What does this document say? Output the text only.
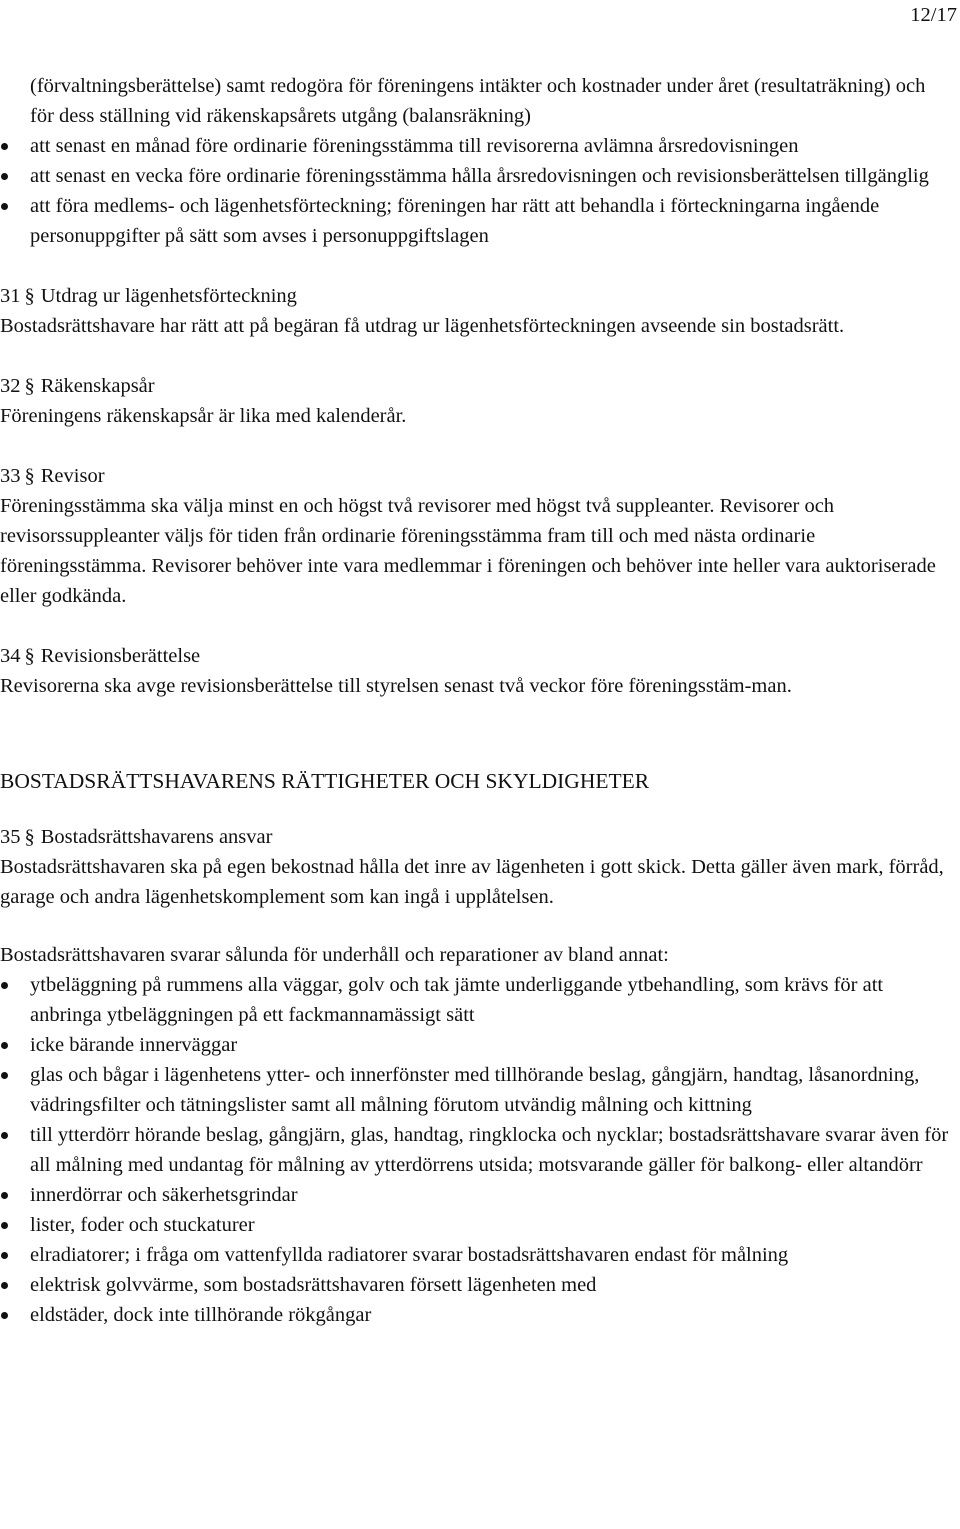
12/17

(förvaltningsberättelse) samt redogöra för föreningens intäkter och kostnader under året (resultaträkning) och för dess ställning vid räkenskapsårets utgång (balansräkning)

att senast en månad före ordinarie föreningsstämma till revisorerna avlämna årsredovisningen
att senast en vecka före ordinarie föreningsstämma hålla årsredovisningen och revisionsberättelsen tillgänglig
att föra medlems- och lägenhetsförteckning; föreningen har rätt att behandla i förteckningarna ingående personuppgifter på sätt som avses i personuppgiftslagen
31 § Utdrag ur lägenhetsförteckning

Bostadsrättshavare har rätt att på begäran få utdrag ur lägenhetsförteckningen avseende sin bostadsrätt.

32 § Räkenskapsår

Föreningens räkenskapsår är lika med kalenderår.

33 § Revisor

Föreningsstämma ska välja minst en och högst två revisorer med högst två suppleanter. Revisorer och revisorssuppleanter väljs för tiden från ordinarie föreningsstämma fram till och med nästa ordinarie föreningsstämma. Revisorer behöver inte vara medlemmar i föreningen och behöver inte heller vara auktoriserade eller godkända.

34 § Revisionsberättelse

Revisorerna ska avge revisionsberättelse till styrelsen senast två veckor före föreningsstäm-man.

BOSTADSRÄTTSHAVARENS RÄTTIGHETER OCH SKYLDIGHETER
35 § Bostadsrättshavarens ansvar

Bostadsrättshavaren ska på egen bekostnad hålla det inre av lägenheten i gott skick. Detta gäller även mark, förråd, garage och andra lägenhetskomplement som kan ingå i upplåtelsen.

Bostadsrättshavaren svarar sålunda för underhåll och reparationer av bland annat:

ytbeläggning på rummens alla väggar, golv och tak jämte underliggande ytbehandling, som krävs för att anbringa ytbeläggningen på ett fackmannamässigt sätt
icke bärande innerväggar
glas och bågar i lägenhetens ytter- och innerfönster med tillhörande beslag, gångjärn, handtag, låsanordning, vädringsfilter och tätningslister samt all målning förutom utvändig målning och kittning
till ytterdörr hörande beslag, gångjärn, glas, handtag, ringklocka och nycklar; bostadsrättshavare svarar även för all målning med undantag för målning av ytterdörrens utsida; motsvarande gäller för balkong- eller altandörr
innerdörrar och säkerhetsgrindar
lister, foder och stuckaturer
elradiatorer; i fråga om vattenfyllda radiatorer svarar bostadsrättshavaren endast för målning
elektrisk golvvärme, som bostadsrättshavaren försett lägenheten med
eldstäder, dock inte tillhörande rökgångar
